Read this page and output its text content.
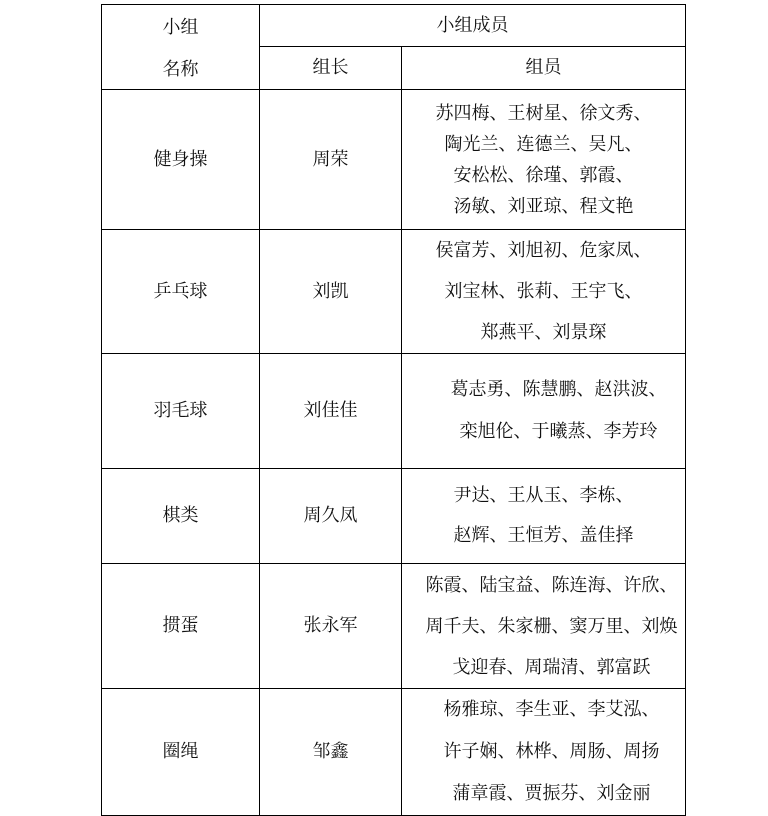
小组
名称	小组成员	
	组长	组员
健身操	周荣	苏四梅、王树星、徐文秀、
陶光兰、连德兰、吴凡、
安松松、徐瑾、郭霞、
汤敏、刘亚琼、程文艳

乒乓球	刘凯	侯富芳、刘旭初、危家凤、
刘宝林、张莉、王宇飞、
郑燕平、刘景琛

羽毛球	刘佳佳	葛志勇、陈慧鹏、赵洪波、
栾旭伦、于曦蒸、李芳玲

棋类	周久凤	尹达、王从玉、李栋、
赵辉、王恒芳、盖佳择

掼蛋	张永军	陈霞、陆宝益、陈连海、许欣、
周千夫、朱家栅、窦万里、刘焕
戈迎春、周瑞清、郭富跃

圈绳	邹鑫	杨雅琼、李生亚、李艾泓、
许子娴、林桦、周肠、周扬
蒲章霞、贾振芬、刘金丽
